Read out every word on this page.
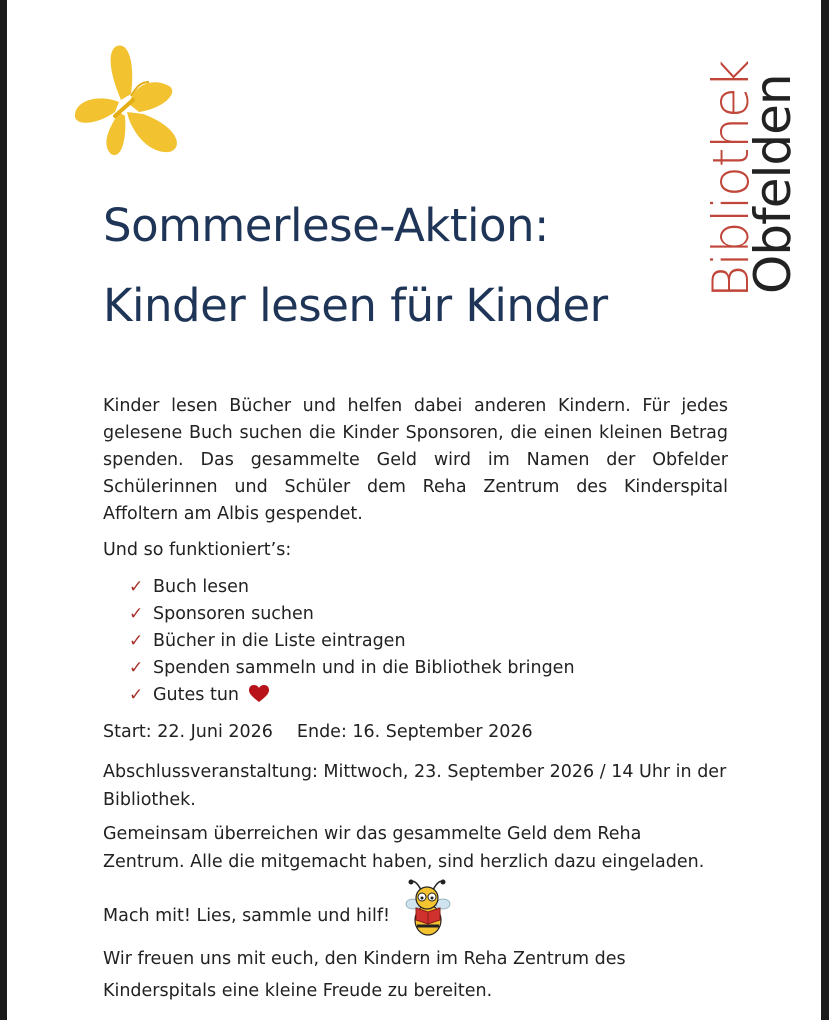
Bibliothek
Obfelden
Sommerlese-Aktion:
Kinder lesen für Kinder
Kinder lesen Bücher und helfen dabei anderen Kindern. Für jedes gelesene Buch suchen die Kinder Sponsoren, die einen kleinen Betrag spenden. Das gesammelte Geld wird im Namen der Obfelder Schülerinnen und Schüler dem Reha Zentrum des Kinderspital Affoltern am Albis gespendet.
Und so funktioniert’s:
✓ Buch lesen
✓ Sponsoren suchen
✓ Bücher in die Liste eintragen
✓ Spenden sammeln und in die Bibliothek bringen
✓ Gutes tun
Start: 22. Juni 2026 Ende: 16. September 2026
Abschlussveranstaltung: Mittwoch, 23. September 2026 / 14 Uhr in der Bibliothek.
Gemeinsam überreichen wir das gesammelte Geld dem Reha Zentrum. Alle die mitgemacht haben, sind herzlich dazu eingeladen.
Mach mit! Lies, sammle und hilf!
Wir freuen uns mit euch, den Kindern im Reha Zentrum des Kinderspitals eine kleine Freude zu bereiten.
